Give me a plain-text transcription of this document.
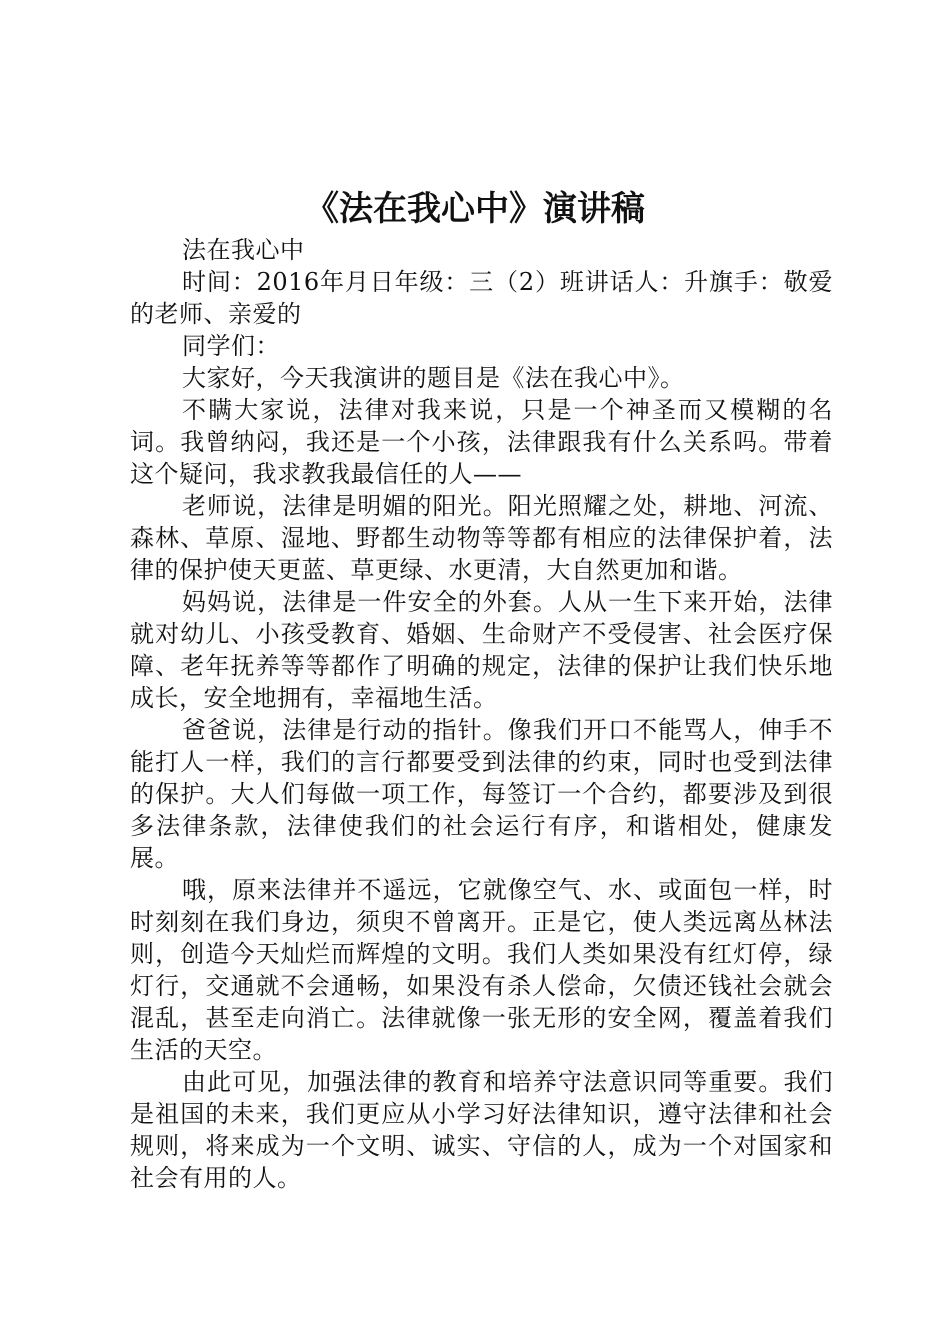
《法在我心中》演讲稿

法在我心中

时间：2016年月日年级：三（2）班讲话人：升旗手：敬爱的老师、亲爱的

同学们：

大家好，今天我演讲的题目是《法在我心中》。

不瞒大家说，法律对我来说，只是一个神圣而又模糊的名词。我曾纳闷，我还是一个小孩，法律跟我有什么关系吗。带着这个疑问，我求教我最信任的人——

老师说，法律是明媚的阳光。阳光照耀之处，耕地、河流、森林、草原、湿地、野都生动物等等都有相应的法律保护着，法律的保护使天更蓝、草更绿、水更清，大自然更加和谐。

妈妈说，法律是一件安全的外套。人从一生下来开始，法律就对幼儿、小孩受教育、婚姻、生命财产不受侵害、社会医疗保障、老年抚养等等都作了明确的规定，法律的保护让我们快乐地成长，安全地拥有，幸福地生活。

爸爸说，法律是行动的指针。像我们开口不能骂人，伸手不能打人一样，我们的言行都要受到法律的约束，同时也受到法律的保护。大人们每做一项工作，每签订一个合约，都要涉及到很多法律条款，法律使我们的社会运行有序，和谐相处，健康发展。

哦，原来法律并不遥远，它就像空气、水、或面包一样，时时刻刻在我们身边，须臾不曾离开。正是它，使人类远离丛林法则，创造今天灿烂而辉煌的文明。我们人类如果没有红灯停，绿灯行，交通就不会通畅，如果没有杀人偿命，欠债还钱社会就会混乱，甚至走向消亡。法律就像一张无形的安全网，覆盖着我们生活的天空。

由此可见，加强法律的教育和培养守法意识同等重要。我们是祖国的未来，我们更应从小学习好法律知识，遵守法律和社会规则，将来成为一个文明、诚实、守信的人，成为一个对国家和社会有用的人。
